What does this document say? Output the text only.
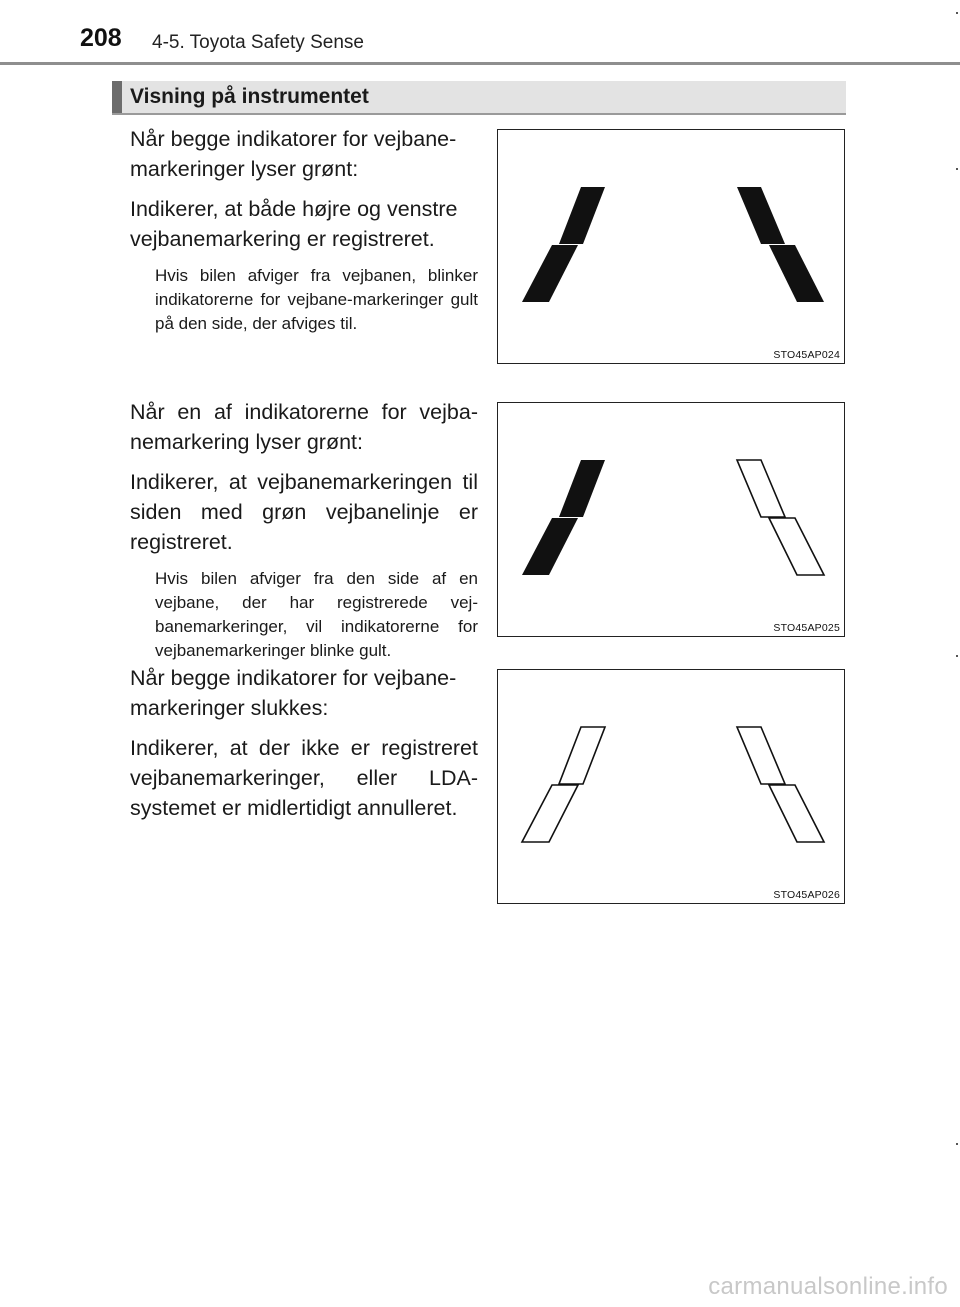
208 4-5. Toyota Safety Sense
Visning på instrumentet

Når begge indikatorer for vejbane-markeringer lyser grønt:

Indikerer, at både højre og venstre vejbanemarkering er registreret.

Hvis bilen afviger fra vejbanen, blinker indikatorerne for vejbane-markeringer gult på den side, der afviges til.

STO45AP024

Når en af indikatorerne for vejba-nemarkering lyser grønt:

Indikerer, at vejbanemarkeringen til siden med grøn vejbanelinje er registreret.

Hvis bilen afviger fra den side af en vejbane, der har registrerede vej-banemarkeringer, vil indikatorerne for vejbanemarkeringer blinke gult.

STO45AP025

Når begge indikatorer for vejbane-markeringer slukkes:

Indikerer, at der ikke er registreret vejbanemarkeringer, eller LDA-systemet er midlertidigt annulleret.

STO45AP026
carmanualsonline.info
